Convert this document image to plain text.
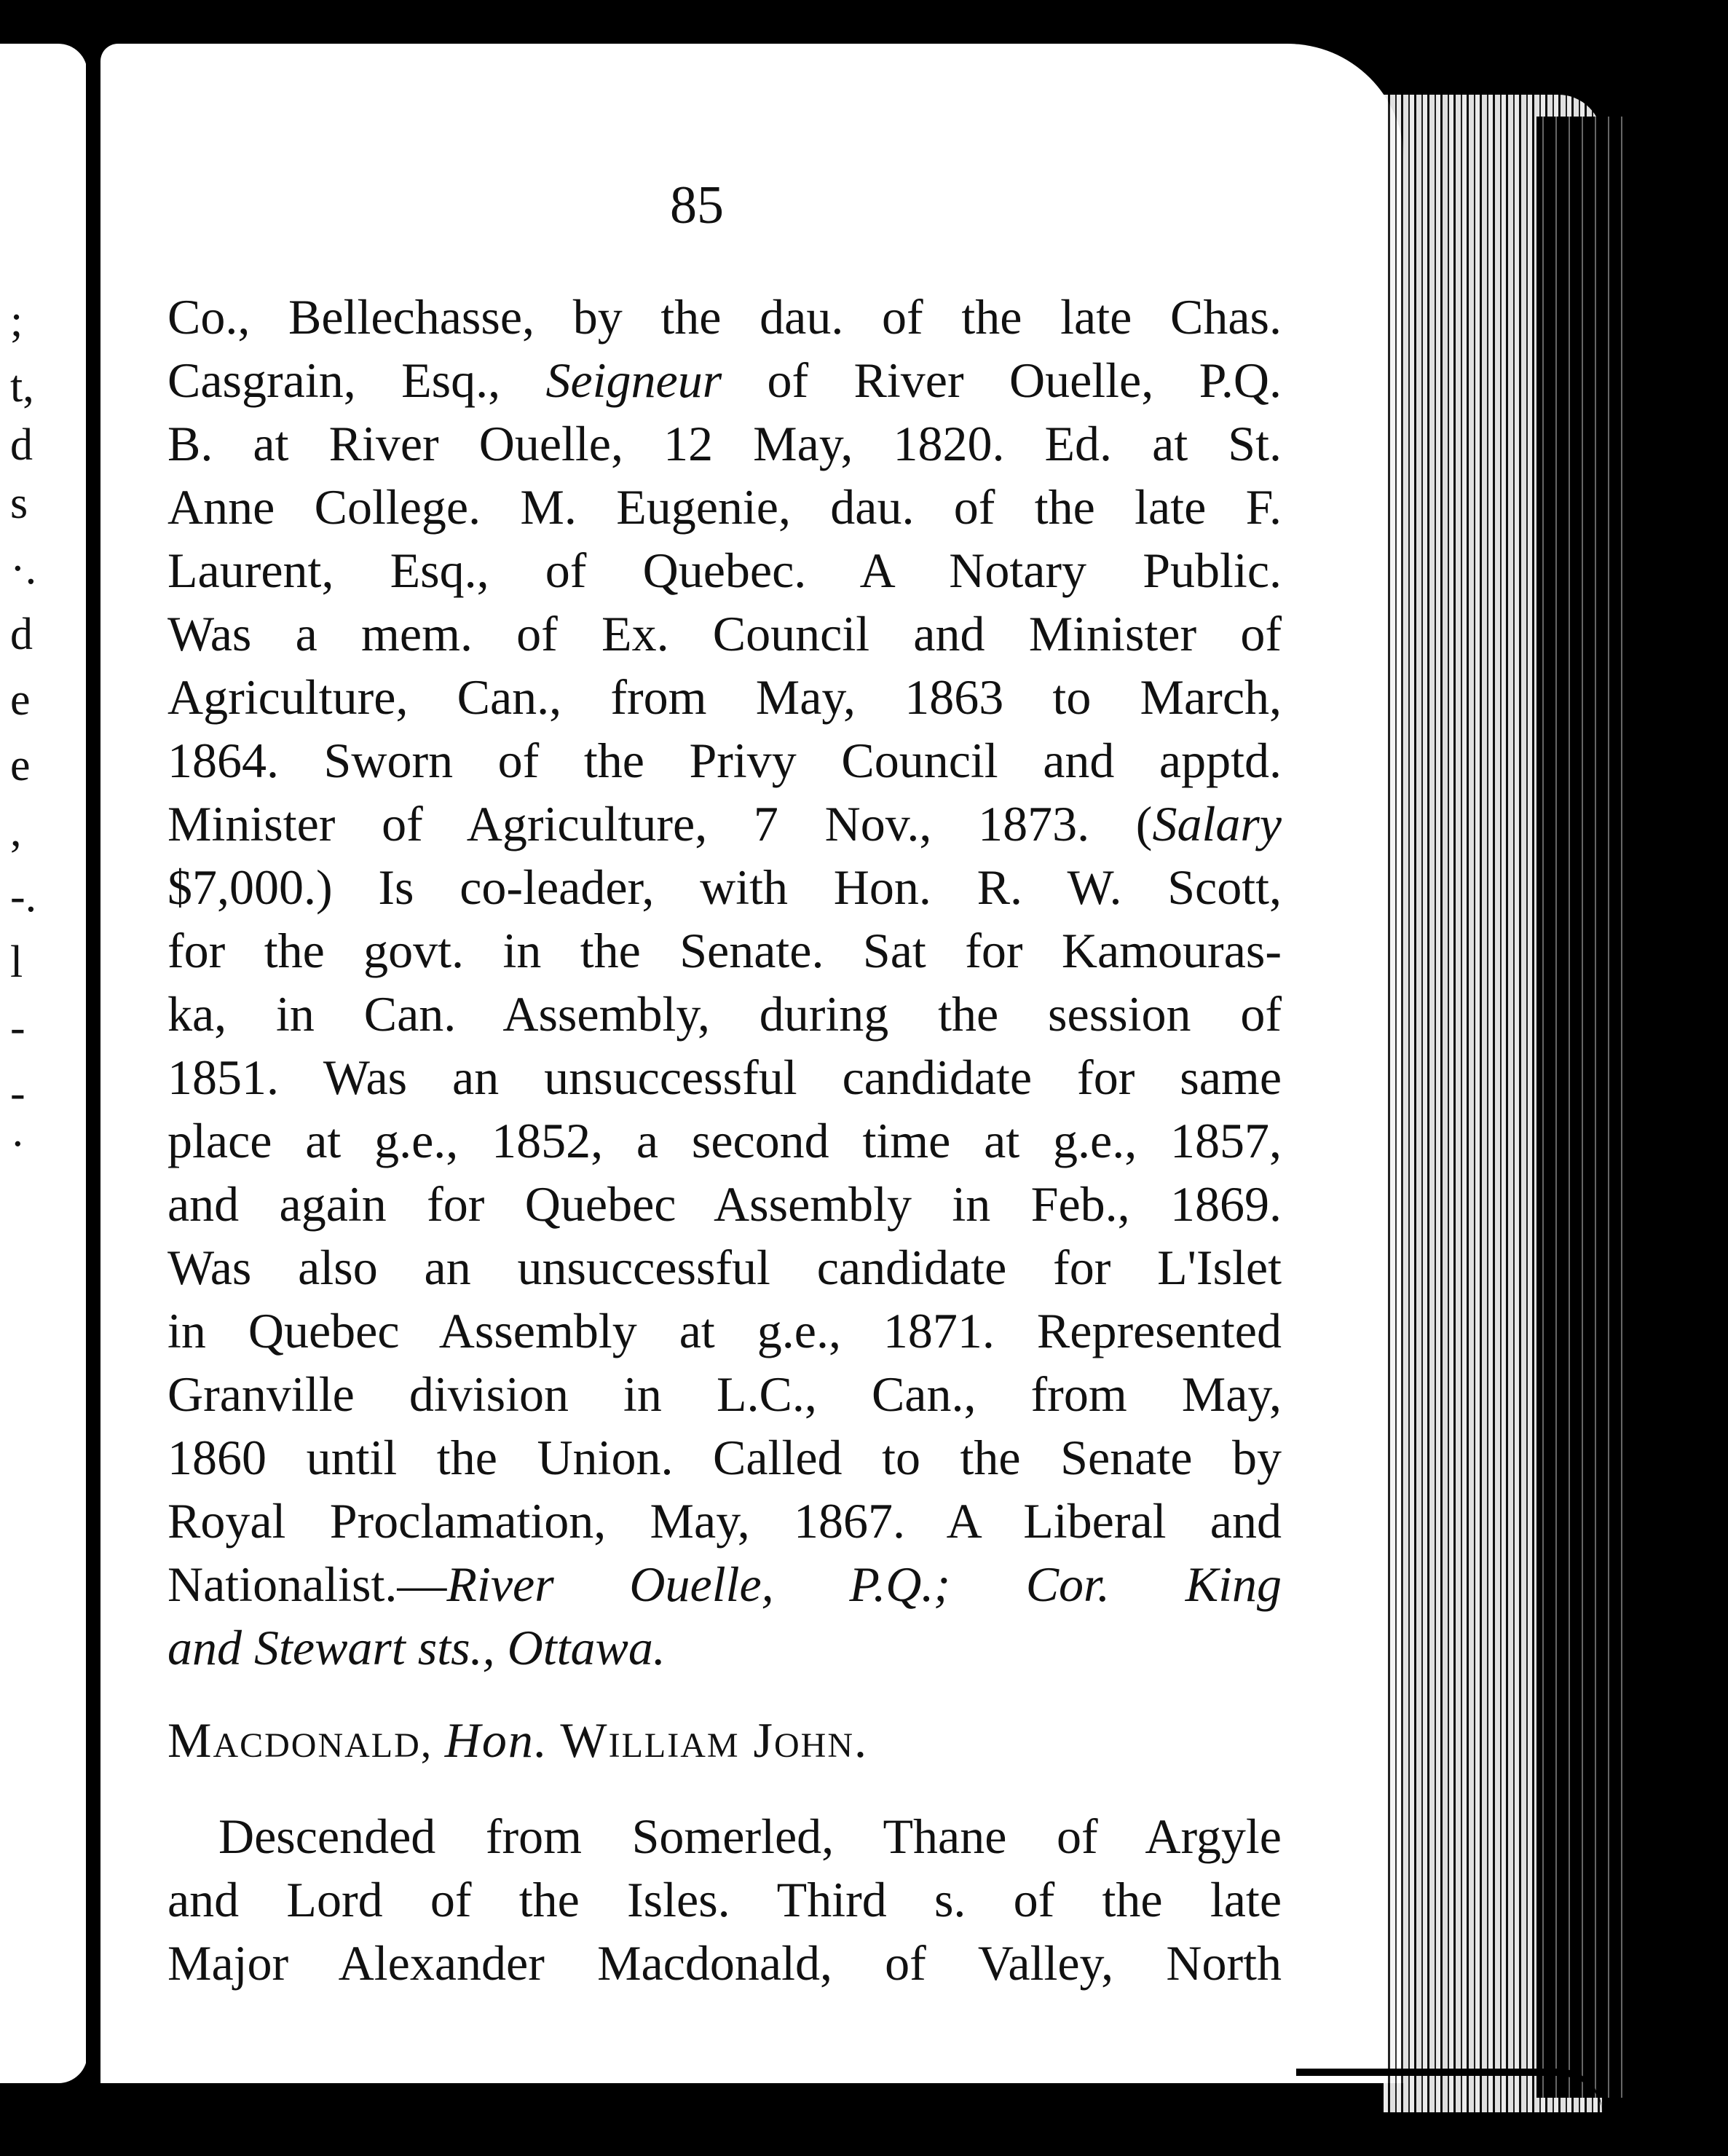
;
t,
d
s
·.
d
e
e
,
-.
l
-
-
·

85

Co., Bellechasse, by the dau. of the late Chas.
Casgrain, Esq., Seigneur of River Ouelle, P.Q.
B. at River Ouelle, 12 May, 1820. Ed. at St.
Anne College. M. Eugenie, dau. of the late F.
Laurent, Esq., of Quebec. A Notary Public.
Was a mem. of Ex. Council and Minister of
Agriculture, Can., from May, 1863 to March,
1864. Sworn of the Privy Council and apptd.
Minister of Agriculture, 7 Nov., 1873. (Salary
$7,000.) Is co-leader, with Hon. R. W. Scott,
for the govt. in the Senate. Sat for Kamouras-
ka, in Can. Assembly, during the session of
1851. Was an unsuccessful candidate for same
place at g.e., 1852, a second time at g.e., 1857,
and again for Quebec Assembly in Feb., 1869.
Was also an unsuccessful candidate for L'Islet
in Quebec Assembly at g.e., 1871. Represented
Granville division in L.C., Can., from May,
1860 until the Union. Called to the Senate by
Royal Proclamation, May, 1867. A Liberal and
Nationalist.—River Ouelle, P.Q.; Cor. King
and Stewart sts., Ottawa.

Macdonald, Hon. William John.

Descended from Somerled, Thane of Argyle
and Lord of the Isles. Third s. of the late
Major Alexander Macdonald, of Valley, North
